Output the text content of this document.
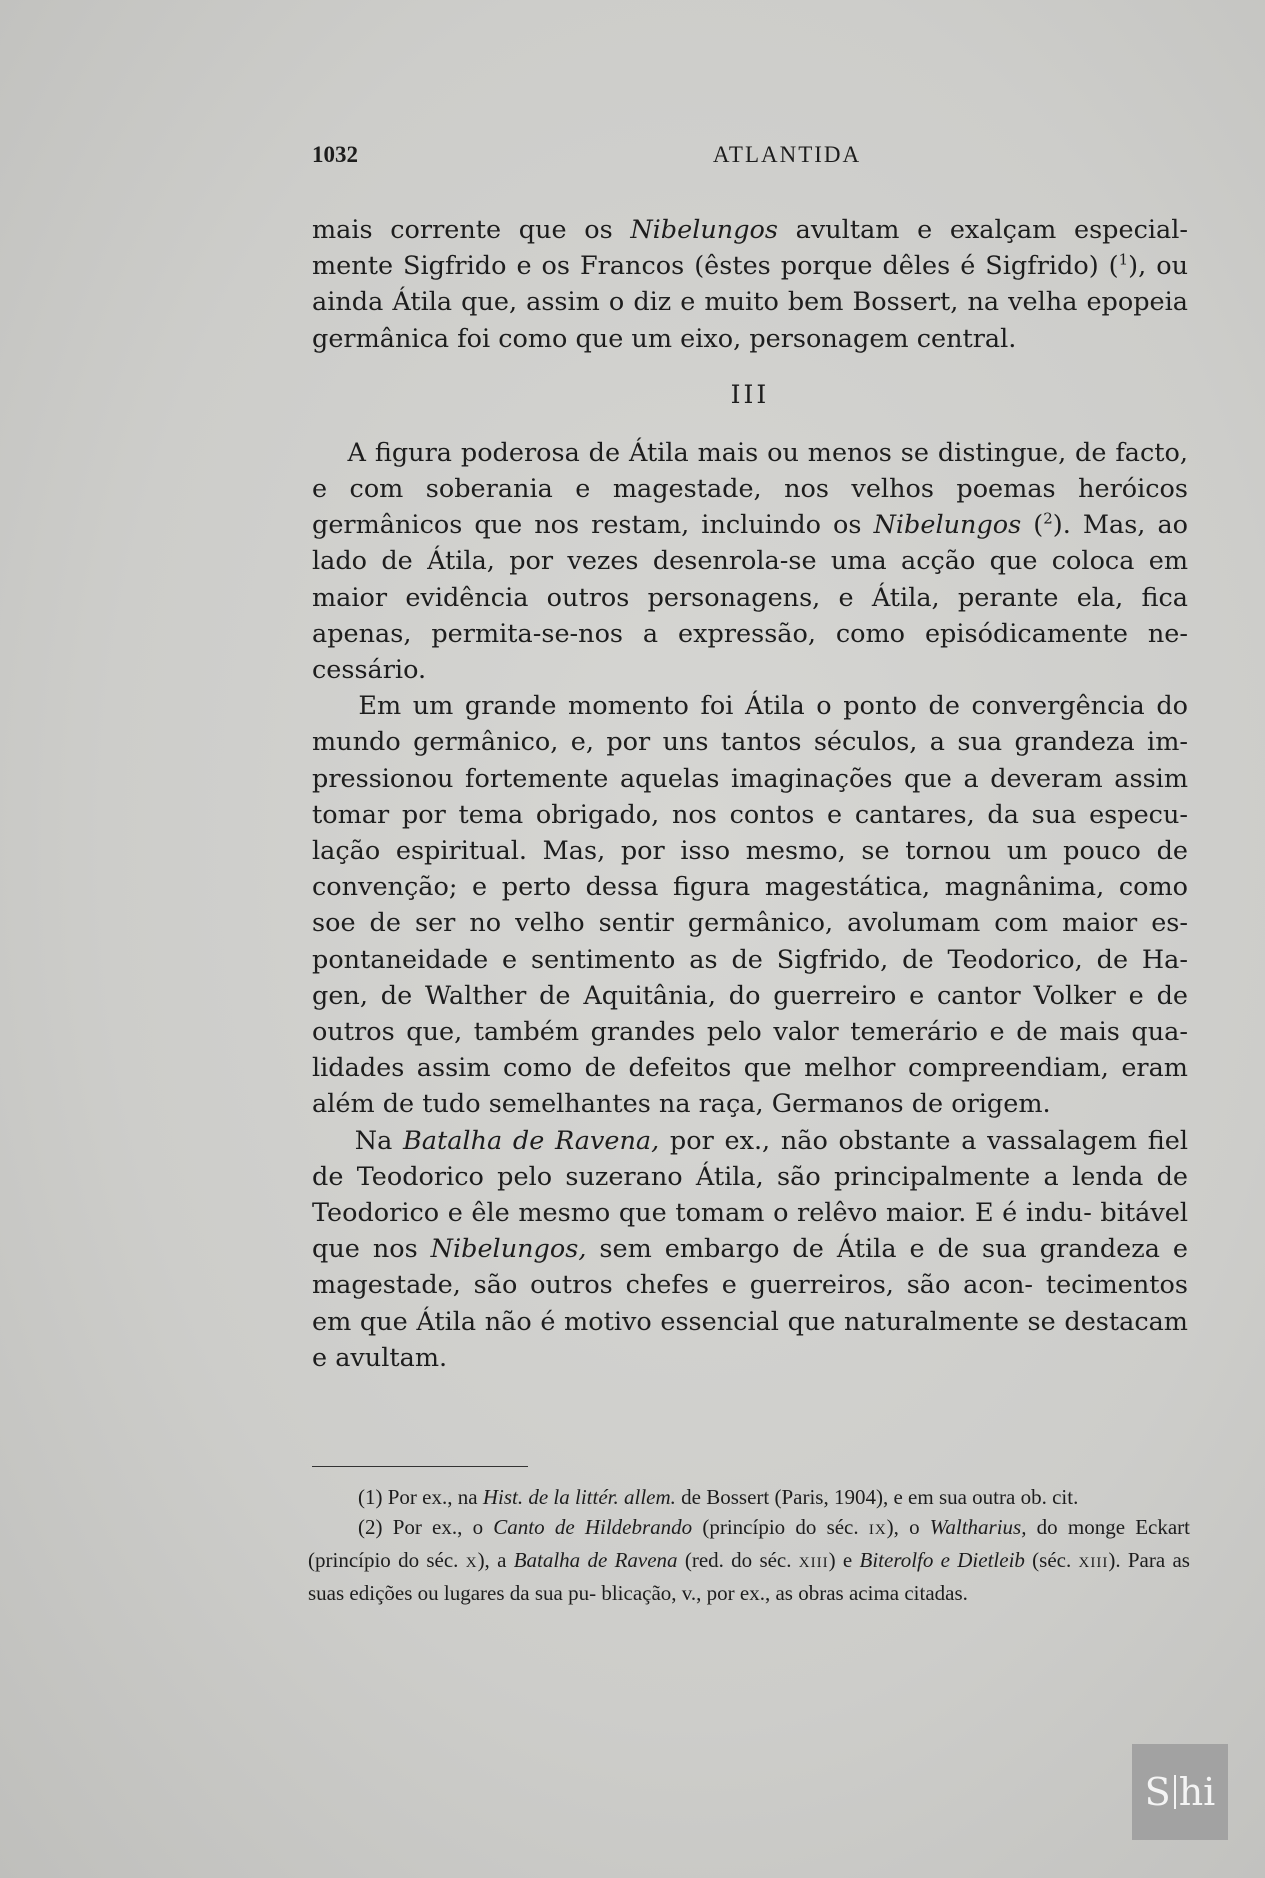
1032	ATLANTIDA

mais corrente que os Nibelungos avultam e exalçam especial- mente Sigfrido e os Francos (êstes porque dêles é Sigfrido) ($^1$), ou ainda Átila que, assim o diz e muito bem Bossert, na velha epopeia germânica foi como que um eixo, personagem central.

III

A figura poderosa de Átila mais ou menos se distingue, de facto, e com soberania e magestade, nos velhos poemas heróicos germânicos que nos restam, incluindo os Nibelungos ($^2$). Mas, ao lado de Átila, por vezes desenrola-se uma acção que coloca em maior evidência outros personagens, e Átila, perante ela, fica apenas, permita-se-nos a expressão, como episódicamente ne- cessário.

Em um grande momento foi Átila o ponto de convergência do mundo germânico, e, por uns tantos séculos, a sua grandeza im- pressionou fortemente aquelas imaginações que a deveram assim tomar por tema obrigado, nos contos e cantares, da sua especu- lação espiritual. Mas, por isso mesmo, se tornou um pouco de convenção; e perto dessa figura magestática, magnânima, como soe de ser no velho sentir germânico, avolumam com maior es- pontaneidade e sentimento as de Sigfrido, de Teodorico, de Ha- gen, de Walther de Aquitânia, do guerreiro e cantor Volker e de outros que, também grandes pelo valor temerário e de mais qua- lidades assim como de defeitos que melhor compreendiam, eram além de tudo semelhantes na raça, Germanos de origem.

Na Batalha de Ravena, por ex., não obstante a vassalagem fiel de Teodorico pelo suzerano Átila, são principalmente a lenda de Teodorico e êle mesmo que tomam o relêvo maior. E é indu- bitável que nos Nibelungos, sem embargo de Átila e de sua grandeza e magestade, são outros chefes e guerreiros, são acon- tecimentos em que Átila não é motivo essencial que naturalmente se destacam e avultam.

(1) Por ex., na Hist. de la littér. allem. de Bossert (Paris, 1904), e em sua outra ob. cit.

(2) Por ex., o Canto de Hildebrando (princípio do séc. IX), o Waltharius, do monge Eckart (princípio do séc. X), a Batalha de Ravena (red. do séc. XIII) e Biterolfo e Dietleib (séc. XIII). Para as suas edições ou lugares da sua pu- blicação, v., por ex., as obras acima citadas.

S hi
